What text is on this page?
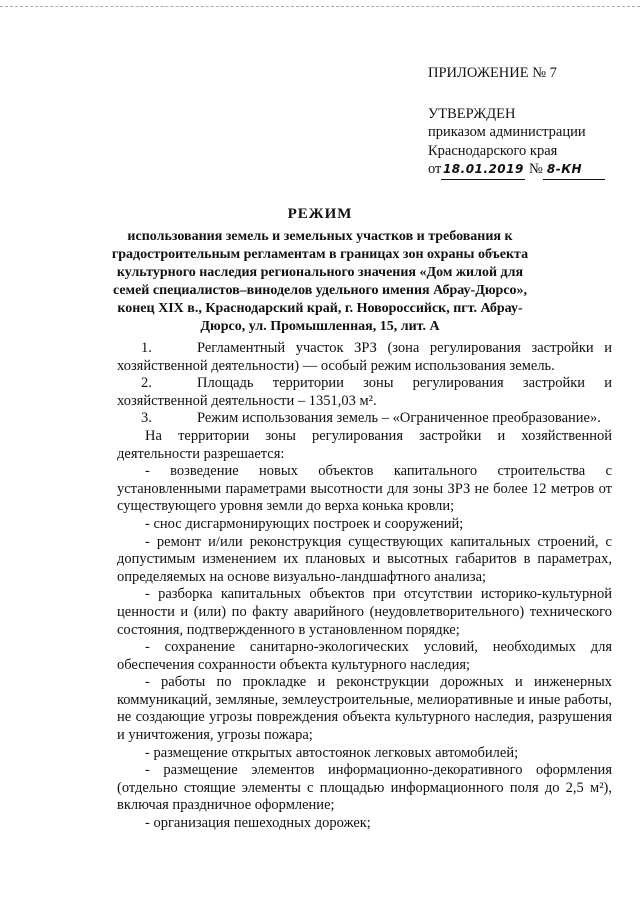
ПРИЛОЖЕНИЕ № 7
УТВЕРЖДЕН
приказом администрации
Краснодарского края
от 18.01.2019 № 8-КН
РЕЖИМ
использования земель и земельных участков и требования к градостроительным регламентам в границах зон охраны объекта культурного наследия регионального значения «Дом жилой для семей специалистов–виноделов удельного имения Абрау-Дюрсо», конец XIX в., Краснодарский край, г. Новороссийск, пгт. Абрау-Дюрсо, ул. Промышленная, 15, лит. А

1.	Регламентный участок ЗРЗ (зона регулирования застройки и хозяйственной деятельности) — особый режим использования земель.

2.	Площадь территории зоны регулирования застройки и хозяйственной деятельности – 1351,03 м².

3.	Режим использования земель – «Ограниченное преобразование».

На территории зоны регулирования застройки и хозяйственной деятельности разрешается:

- возведение новых объектов капитального строительства с установленными параметрами высотности для зоны ЗРЗ не более 12 метров от существующего уровня земли до верха конька кровли;

- снос дисгармонирующих построек и сооружений;

- ремонт и/или реконструкция существующих капитальных строений, с допустимым изменением их плановых и высотных габаритов в параметрах, определяемых на основе визуально-ландшафтного анализа;

- разборка капитальных объектов при отсутствии историко-культурной ценности и (или) по факту аварийного (неудовлетворительного) технического состояния, подтвержденного в установленном порядке;

- сохранение санитарно-экологических условий, необходимых для обеспечения сохранности объекта культурного наследия;

- работы по прокладке и реконструкции дорожных и инженерных коммуникаций, земляные, землеустроительные, мелиоративные и иные работы, не создающие угрозы повреждения объекта культурного наследия, разрушения и уничтожения, угрозы пожара;

- размещение открытых автостоянок легковых автомобилей;

- размещение элементов информационно-декоративного оформления (отдельно стоящие элементы с площадью информационного поля до 2,5 м²), включая праздничное оформление;

- организация пешеходных дорожек;
